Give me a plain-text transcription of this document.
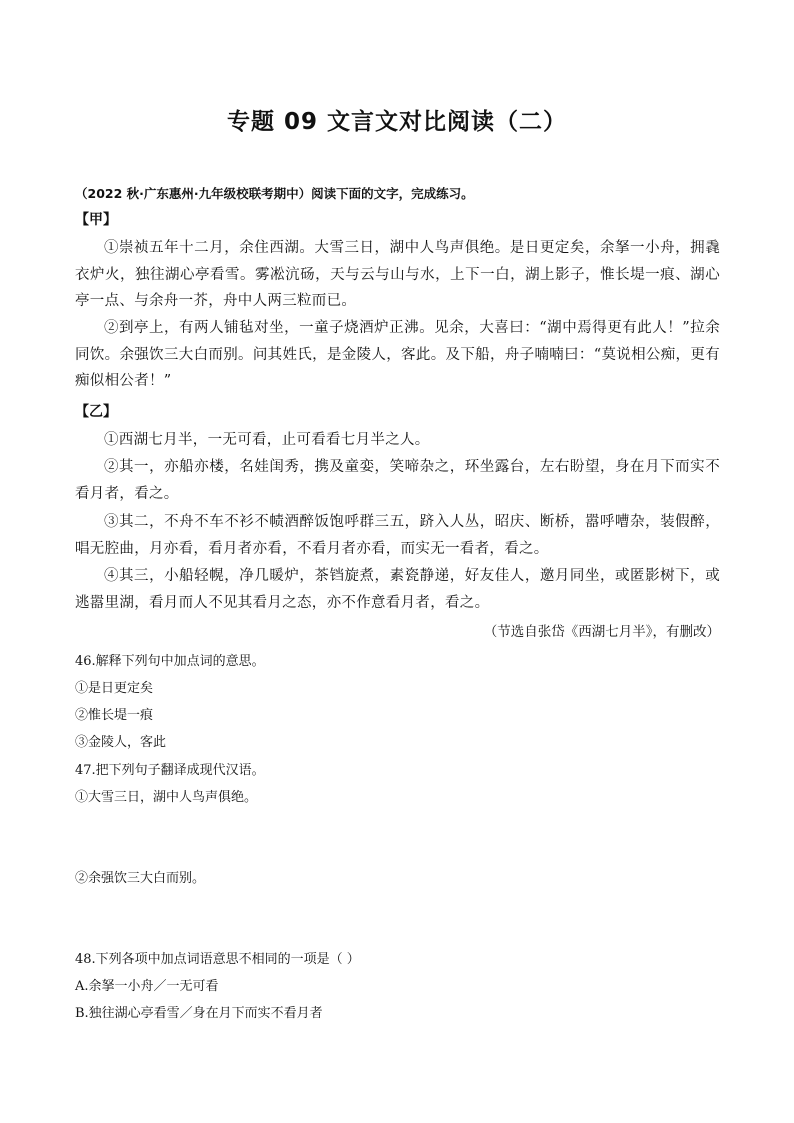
专题 09 文言文对比阅读（二）
（2022 秋·广东惠州·九年级校联考期中）阅读下面的文字，完成练习。
【甲】
①崇祯五年十二月，余住西湖。大雪三日，湖中人鸟声俱绝。是日更定矣，余拏一小舟，拥毳衣炉火，独往湖心亭看雪。雾凇沆砀，天与云与山与水，上下一白，湖上影子，惟长堤一痕、湖心亭一点、与余舟一芥，舟中人两三粒而已。
②到亭上，有两人铺毡对坐，一童子烧酒炉正沸。见余，大喜曰：“湖中焉得更有此人！”拉余同饮。余强饮三大白而别。问其姓氏，是金陵人，客此。及下船，舟子喃喃曰：“莫说相公痴，更有痴似相公者！”
【乙】
①西湖七月半，一无可看，止可看看七月半之人。
②其一，亦船亦楼，名娃闺秀，携及童娈，笑啼杂之，环坐露台，左右盼望，身在月下而实不看月者，看之。
③其二，不舟不车不衫不帻酒醉饭饱呼群三五，跻入人丛，昭庆、断桥，嚣呼嘈杂，装假醉，唱无腔曲，月亦看，看月者亦看，不看月者亦看，而实无一看者，看之。
④其三，小船轻幌，净几暖炉，茶铛旋煮，素瓷静递，好友佳人，邀月同坐，或匿影树下，或逃嚣里湖，看月而人不见其看月之态，亦不作意看月者，看之。
（节选自张岱《西湖七月半》，有删改）
46.解释下列句中加点词的意思。
①是日更定矣
②惟长堤一痕
③金陵人，客此
47.把下列句子翻译成现代汉语。
①大雪三日，湖中人鸟声俱绝。
②余强饮三大白而别。
48.下列各项中加点词语意思不相同的一项是（ ）
A.余拏一小舟／一无可看
B.独往湖心亭看雪／身在月下而实不看月者
